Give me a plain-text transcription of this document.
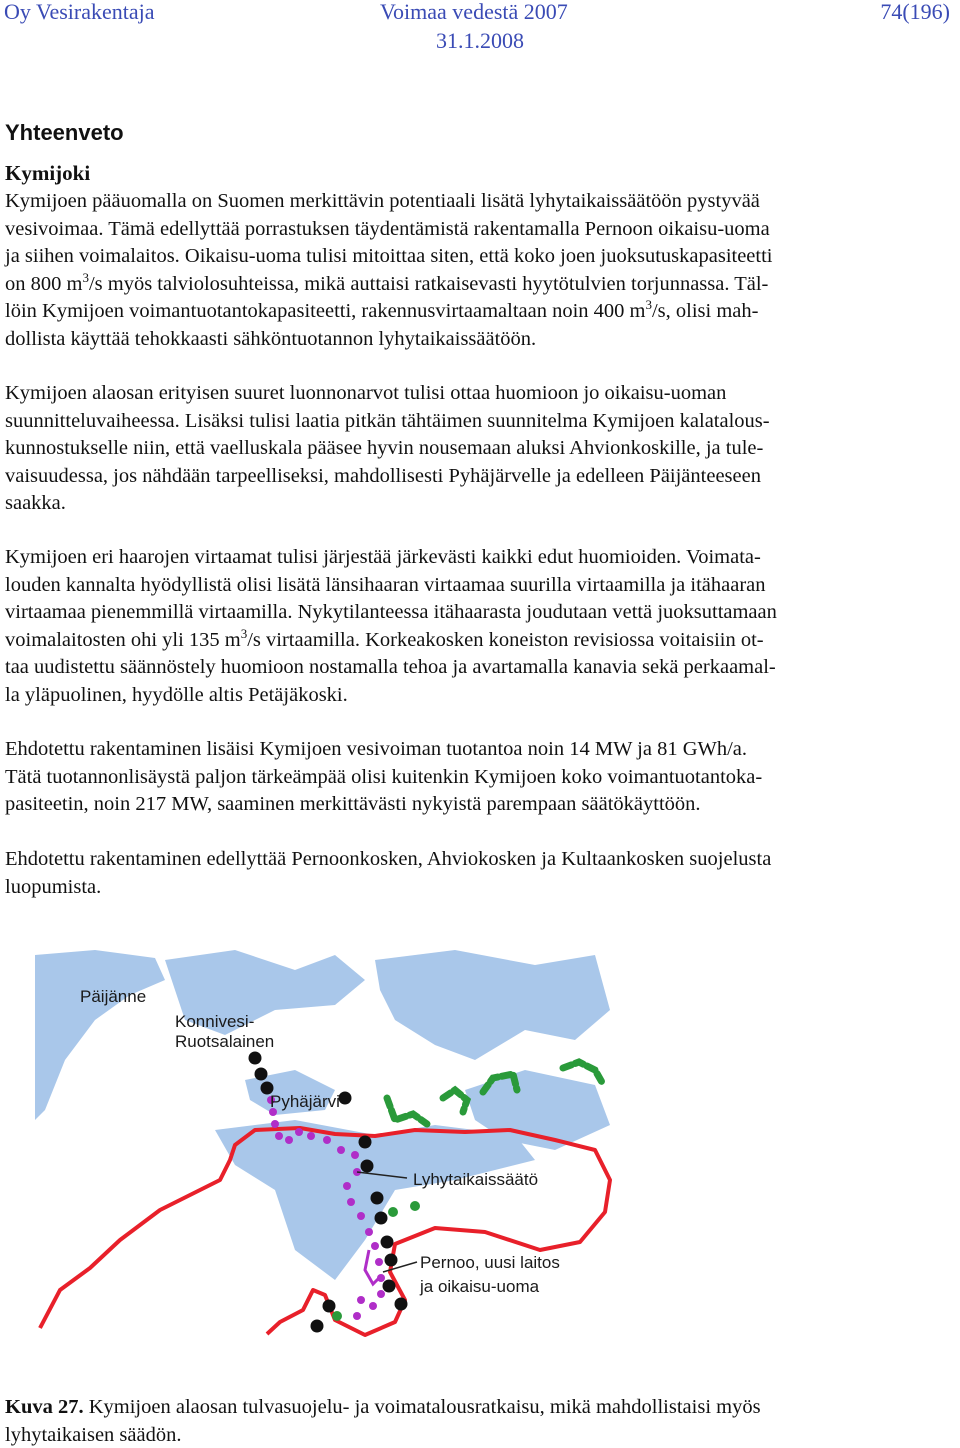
Oy Vesirakentaja	Voimaa vedestä 2007	74(196)
31.1.2008
Yhteenveto
Kymijoki
Kymijoen pääuomalla on Suomen merkittävin potentiaali lisätä lyhytaikaissäätöön pystyvää
vesivoimaa. Tämä edellyttää porrastuksen täydentämistä rakentamalla Pernoon oikaisu-uoma
ja siihen voimalaitos. Oikaisu-uoma tulisi mitoittaa siten, että koko joen juoksutuskapasiteetti
on 800 $m^3/s$ myös talviolosuhteissa, mikä auttaisi ratkaisevasti hyytötulvien torjunnassa. Täl-
löin Kymijoen voimantuotantokapasiteetti, rakennusvirtaamaltaan noin 400 $m^3/s$, olisi mah-
dollista käyttää tehokkaasti sähköntuotannon lyhytaikaissäätöön.
Kymijoen alaosan erityisen suuret luonnonarvot tulisi ottaa huomioon jo oikaisu-uoman
suunnitteluvaiheessa. Lisäksi tulisi laatia pitkän tähtäimen suunnitelma Kymijoen kalatalous-
kunnostukselle niin, että vaelluskala pääsee hyvin nousemaan aluksi Ahvionkoskille, ja tule-
vaisuudessa, jos nähdään tarpeelliseksi, mahdollisesti Pyhäjärvelle ja edelleen Päijänteeseen
saakka.
Kymijoen eri haarojen virtaamat tulisi järjestää järkevästi kaikki edut huomioiden. Voimata-
louden kannalta hyödyllistä olisi lisätä länsihaaran virtaamaa suurilla virtaamilla ja itähaaran
virtaamaa pienemmillä virtaamilla. Nykytilanteessa itähaarasta joudutaan vettä juoksuttamaan
voimalaitosten ohi yli 135 $m^3/s$ virtaamilla. Korkeakosken koneiston revisiossa voitaisiin ot-
taa uudistettu säännöstely huomioon nostamalla tehoa ja avartamalla kanavia sekä perkaamal-
la yläpuolinen, hyydölle altis Petäjäkoski.
Ehdotettu rakentaminen lisäisi Kymijoen vesivoiman tuotantoa noin 14 MW ja 81 GWh/a.
Tätä tuotannonlisäystä paljon tärkeämpää olisi kuitenkin Kymijoen koko voimantuotantoka-
pasiteetin, noin 217 MW, saaminen merkittävästi nykyistä parempaan säätökäyttöön.
Ehdotettu rakentaminen edellyttää Pernoonkosken, Ahviokosken ja Kultaankosken suojelusta
luopumista.
Päijänne
Konnivesi-
Ruotsalainen
Pyhäjärvi
Lyhytaikaissäätö
Pernoo, uusi laitos
ja oikaisu-uoma
Kuva 27. Kymijoen alaosan tulvasuojelu- ja voimatalousratkaisu, mikä mahdollistaisi myös
lyhytaikaisen säädön.
